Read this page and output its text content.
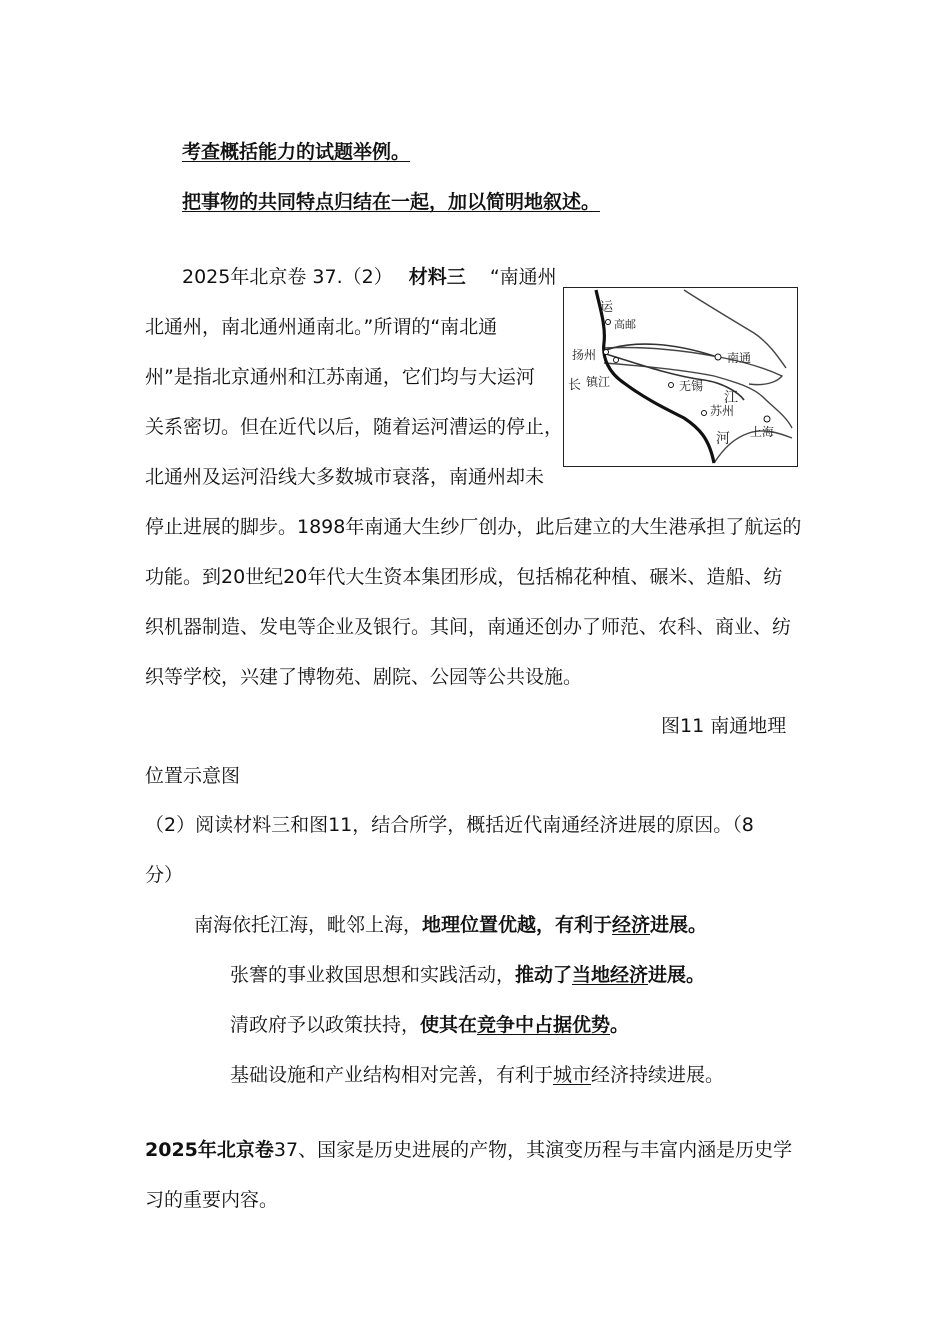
考查概括能力的试题举例。
把事物的共同特点归结在一起，加以简明地叙述。
2025年北京卷 37.（2） 材料三 “南通州
北通州，南北通州通南北。”所谓的“南北通
州”是指北京通州和江苏南通，它们均与大运河
关系密切。但在近代以后，随着运河漕运的停止，
北通州及运河沿线大多数城市衰落，南通州却未
停止进展的脚步。1898年南通大生纱厂创办，此后建立的大生港承担了航运的
功能。到20世纪20年代大生资本集团形成，包括棉花种植、碾米、造船、纺
织机器制造、发电等企业及银行。其间，南通还创办了师范、农科、商业、纺
织等学校，兴建了博物苑、剧院、公园等公共设施。
运
高邮
扬州
长 镇江
南通
无锡
江
苏州
河 上海
图11 南通地理
位置示意图
（2）阅读材料三和图11，结合所学，概括近代南通经济进展的原因。（8
分）
南海依托江海，毗邻上海，地理位置优越，有利于经济进展。
张謇的事业救国思想和实践活动，推动了当地经济进展。
清政府予以政策扶持，使其在竞争中占据优势。
基础设施和产业结构相对完善，有利于城市经济持续进展。
2025年北京卷37、国家是历史进展的产物，其演变历程与丰富内涵是历史学
习的重要内容。
